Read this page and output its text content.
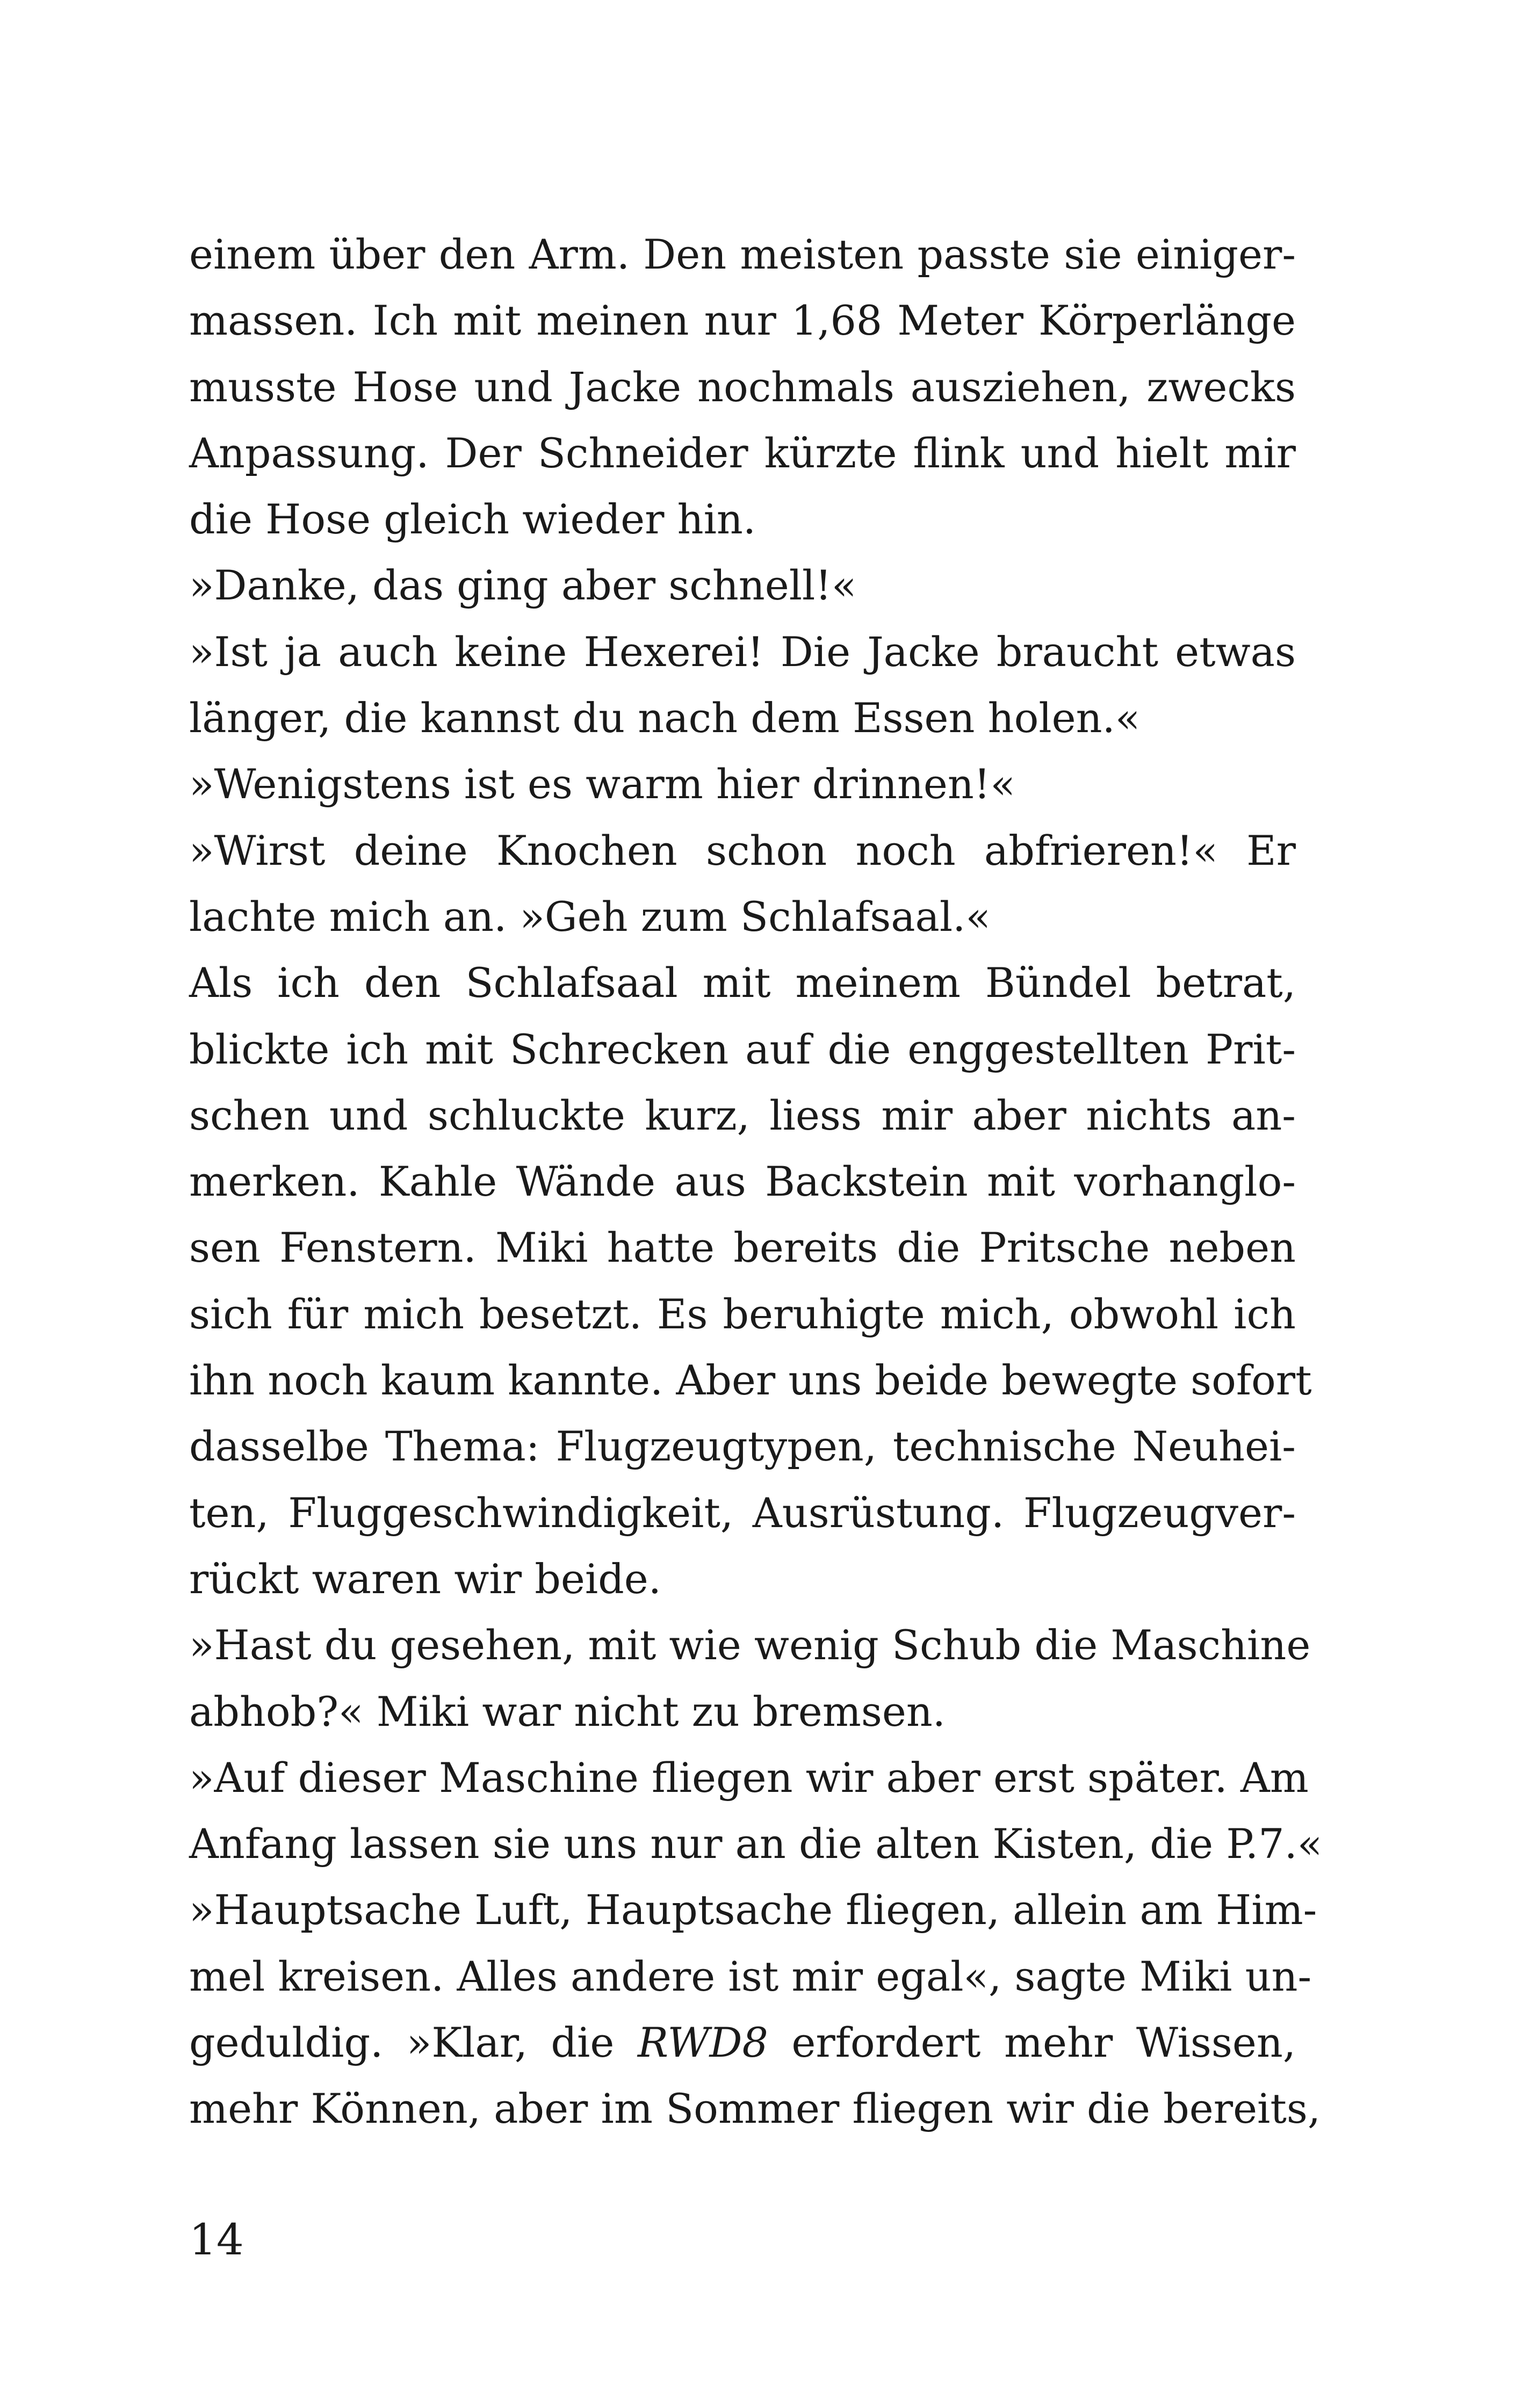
einem über den Arm. Den meisten passte sie einiger-
massen. Ich mit meinen nur 1,68 Meter Körperlänge
musste Hose und Jacke nochmals ausziehen, zwecks
Anpassung. Der Schneider kürzte flink und hielt mir
die Hose gleich wieder hin.
»Danke, das ging aber schnell!«
»Ist ja auch keine Hexerei! Die Jacke braucht etwas
länger, die kannst du nach dem Essen holen.«
»Wenigstens ist es warm hier drinnen!«
»Wirst deine Knochen schon noch abfrieren!« Er
lachte mich an. »Geh zum Schlafsaal.«
Als ich den Schlafsaal mit meinem Bündel betrat,
blickte ich mit Schrecken auf die enggestellten Prit-
schen und schluckte kurz, liess mir aber nichts an-
merken. Kahle Wände aus Backstein mit vorhanglo-
sen Fenstern. Miki hatte bereits die Pritsche neben
sich für mich besetzt. Es beruhigte mich, obwohl ich
ihn noch kaum kannte. Aber uns beide bewegte sofort
dasselbe Thema: Flugzeugtypen, technische Neuhei-
ten, Fluggeschwindigkeit, Ausrüstung. Flugzeugver-
rückt waren wir beide.
»Hast du gesehen, mit wie wenig Schub die Maschine
abhob?« Miki war nicht zu bremsen.
»Auf dieser Maschine fliegen wir aber erst später. Am
Anfang lassen sie uns nur an die alten Kisten, die P.7.«
»Hauptsache Luft, Hauptsache fliegen, allein am Him-
mel kreisen. Alles andere ist mir egal«, sagte Miki un-
geduldig. »Klar, die RWD8 erfordert mehr Wissen,
mehr Können, aber im Sommer fliegen wir die bereits,
14
